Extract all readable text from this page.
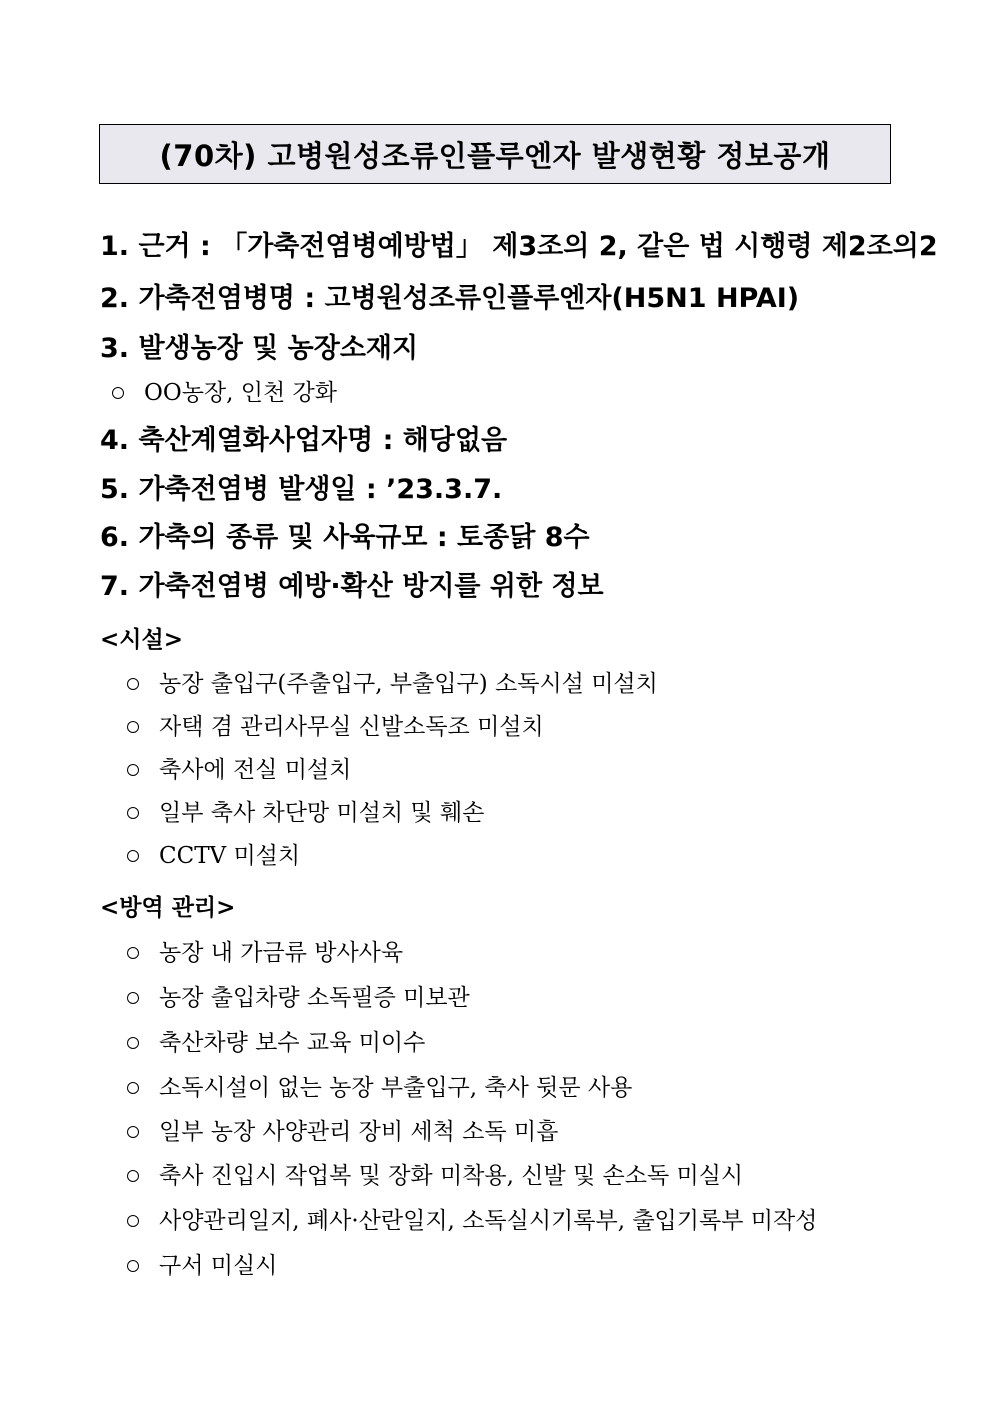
(70차) 고병원성조류인플루엔자 발생현황 정보공개
1. 근거 : 「가축전염병예방법」 제3조의 2, 같은 법 시행령 제2조의2
2. 가축전염병명 : 고병원성조류인플루엔자(H5N1 HPAI)
3. 발생농장 및 농장소재지
OO농장, 인천 강화
4. 축산계열화사업자명 : 해당없음
5. 가축전염병 발생일 : ’23.3.7.
6. 가축의 종류 및 사육규모 : 토종닭 8수
7. 가축전염병 예방·확산 방지를 위한 정보
<시설>
농장 출입구(주출입구, 부출입구) 소독시설 미설치
자택 겸 관리사무실 신발소독조 미설치
축사에 전실 미설치
일부 축사 차단망 미설치 및 훼손
CCTV 미설치
<방역 관리>
농장 내 가금류 방사사육
농장 출입차량 소독필증 미보관
축산차량 보수 교육 미이수
소독시설이 없는 농장 부출입구, 축사 뒷문 사용
일부 농장 사양관리 장비 세척 소독 미흡
축사 진입시 작업복 및 장화 미착용, 신발 및 손소독 미실시
사양관리일지, 폐사·산란일지, 소독실시기록부, 출입기록부 미작성
구서 미실시
